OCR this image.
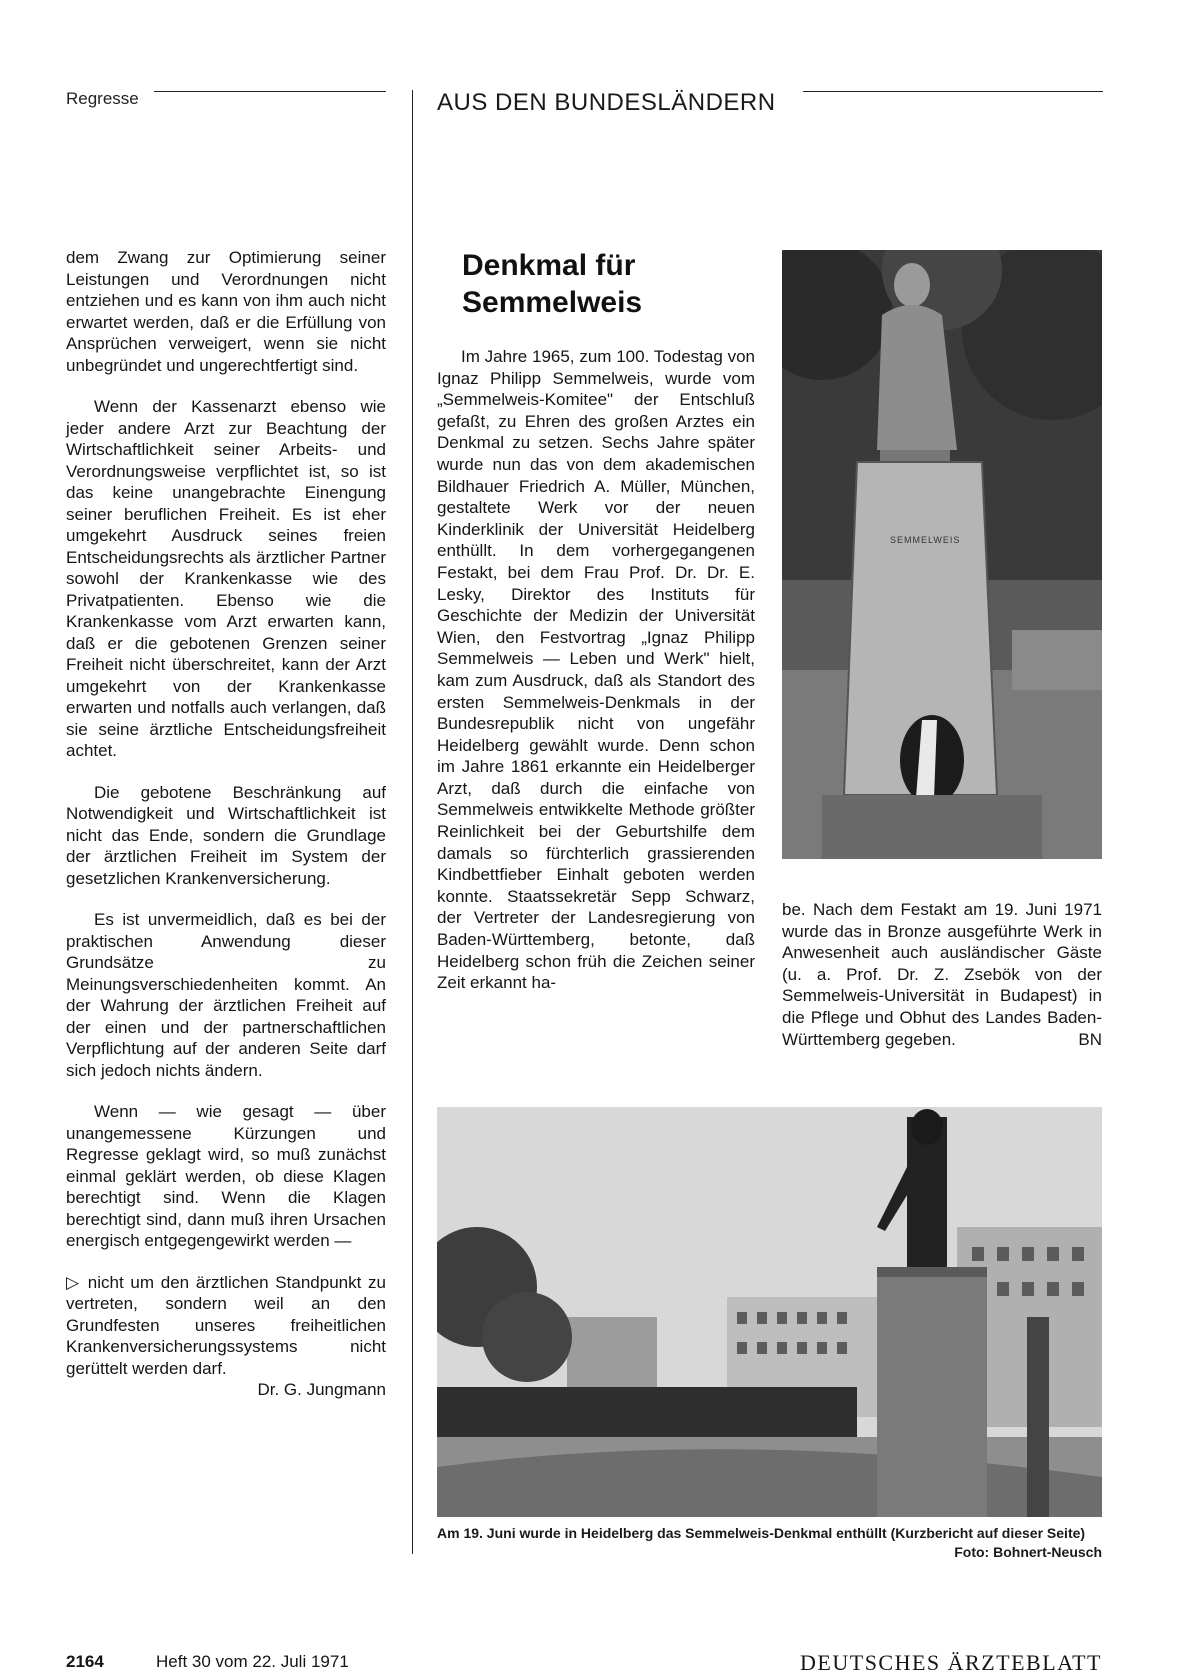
Regresse	AUS DEN BUNDESLÄNDERN

dem Zwang zur Optimierung seiner Leistungen und Verordnungen nicht entziehen und es kann von ihm auch nicht erwartet werden, daß er die Erfüllung von Ansprüchen verweigert, wenn sie nicht unbegründet und ungerechtfertigt sind.

Wenn der Kassenarzt ebenso wie jeder andere Arzt zur Beachtung der Wirtschaftlichkeit seiner Arbeits- und Verordnungsweise verpflichtet ist, so ist das keine unangebrachte Einengung seiner beruflichen Freiheit. Es ist eher umgekehrt Ausdruck seines freien Entscheidungsrechts als ärztlicher Partner sowohl der Krankenkasse wie des Privatpatienten. Ebenso wie die Krankenkasse vom Arzt erwarten kann, daß er die gebotenen Grenzen seiner Freiheit nicht überschreitet, kann der Arzt umgekehrt von der Krankenkasse erwarten und notfalls auch verlangen, daß sie seine ärztliche Entscheidungsfreiheit achtet.

Die gebotene Beschränkung auf Notwendigkeit und Wirtschaftlichkeit ist nicht das Ende, sondern die Grundlage der ärztlichen Freiheit im System der gesetzlichen Krankenversicherung.

Es ist unvermeidlich, daß es bei der praktischen Anwendung dieser Grundsätze zu Meinungsverschiedenheiten kommt. An der Wahrung der ärztlichen Freiheit auf der einen und der partnerschaftlichen Verpflichtung auf der anderen Seite darf sich jedoch nichts ändern.

Wenn — wie gesagt — über unangemessene Kürzungen und Regresse geklagt wird, so muß zunächst einmal geklärt werden, ob diese Klagen berechtigt sind. Wenn die Klagen berechtigt sind, dann muß ihren Ursachen energisch entgegengewirkt werden —

▷ nicht um den ärztlichen Standpunkt zu vertreten, sondern weil an den Grundfesten unseres freiheitlichen Krankenversicherungssystems nicht gerüttelt werden darf.

Dr. G. Jungmann

Denkmal für Semmelweis

Im Jahre 1965, zum 100. Todestag von Ignaz Philipp Semmelweis, wurde vom „Semmelweis-Komitee" der Entschluß gefaßt, zu Ehren des großen Arztes ein Denkmal zu setzen. Sechs Jahre später wurde nun das von dem akademischen Bildhauer Friedrich A. Müller, München, gestaltete Werk vor der neuen Kinderklinik der Universität Heidelberg enthüllt. In dem vorhergegangenen Festakt, bei dem Frau Prof. Dr. Dr. E. Lesky, Direktor des Instituts für Geschichte der Medizin der Universität Wien, den Festvortrag „Ignaz Philipp Semmelweis — Leben und Werk" hielt, kam zum Ausdruck, daß als Standort des ersten Semmelweis-Denkmals in der Bundesrepublik nicht von ungefähr Heidelberg gewählt wurde. Denn schon im Jahre 1861 erkannte ein Heidelberger Arzt, daß durch die einfache von Semmelweis entwikkelte Methode größter Reinlichkeit bei der Geburtshilfe dem damals so fürchterlich grassierenden Kindbettfieber Einhalt geboten werden konnte. Staatssekretär Sepp Schwarz, der Vertreter der Landesregierung von Baden-Württemberg, betonte, daß Heidelberg schon früh die Zeichen seiner Zeit erkannt ha-

SEMMELWEIS

be. Nach dem Festakt am 19. Juni 1971 wurde das in Bronze ausgeführte Werk in Anwesenheit auch ausländischer Gäste (u. a. Prof. Dr. Z. Zsebök von der Semmelweis-Universität in Budapest) in die Pflege und Obhut des Landes Baden-Württemberg gegeben.	BN

Am 19. Juni wurde in Heidelberg das Semmelweis-Denkmal enthüllt (Kurzbericht auf dieser Seite)
Foto: Bohnert-Neusch
2164	Heft 30 vom 22. Juli 1971	DEUTSCHES ÄRZTEBLATT
